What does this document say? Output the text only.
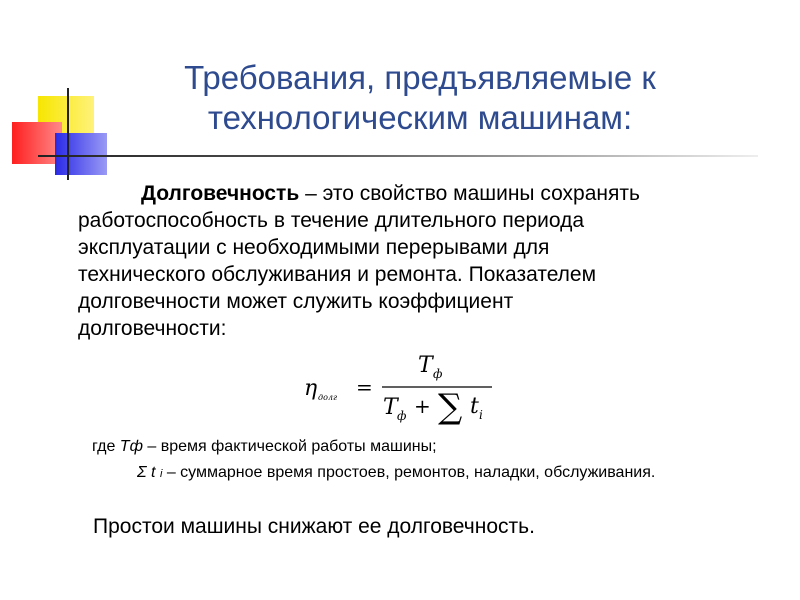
Требования, предъявляемые к
технологическим машинам:
Долговечность – это свойство машины сохранять
работоспособность в течение длительного периода
эксплуатации с необходимыми перерывами для
технического обслуживания и ремонта. Показателем
долговечности может служить коэффициент
долговечности:
η долг =
T ф
T ф + ∑ t i
где Тф – время фактической работы машины;
Σ t i – суммарное время простоев, ремонтов, наладки, обслуживания.
Простои машины снижают ее долговечность.
